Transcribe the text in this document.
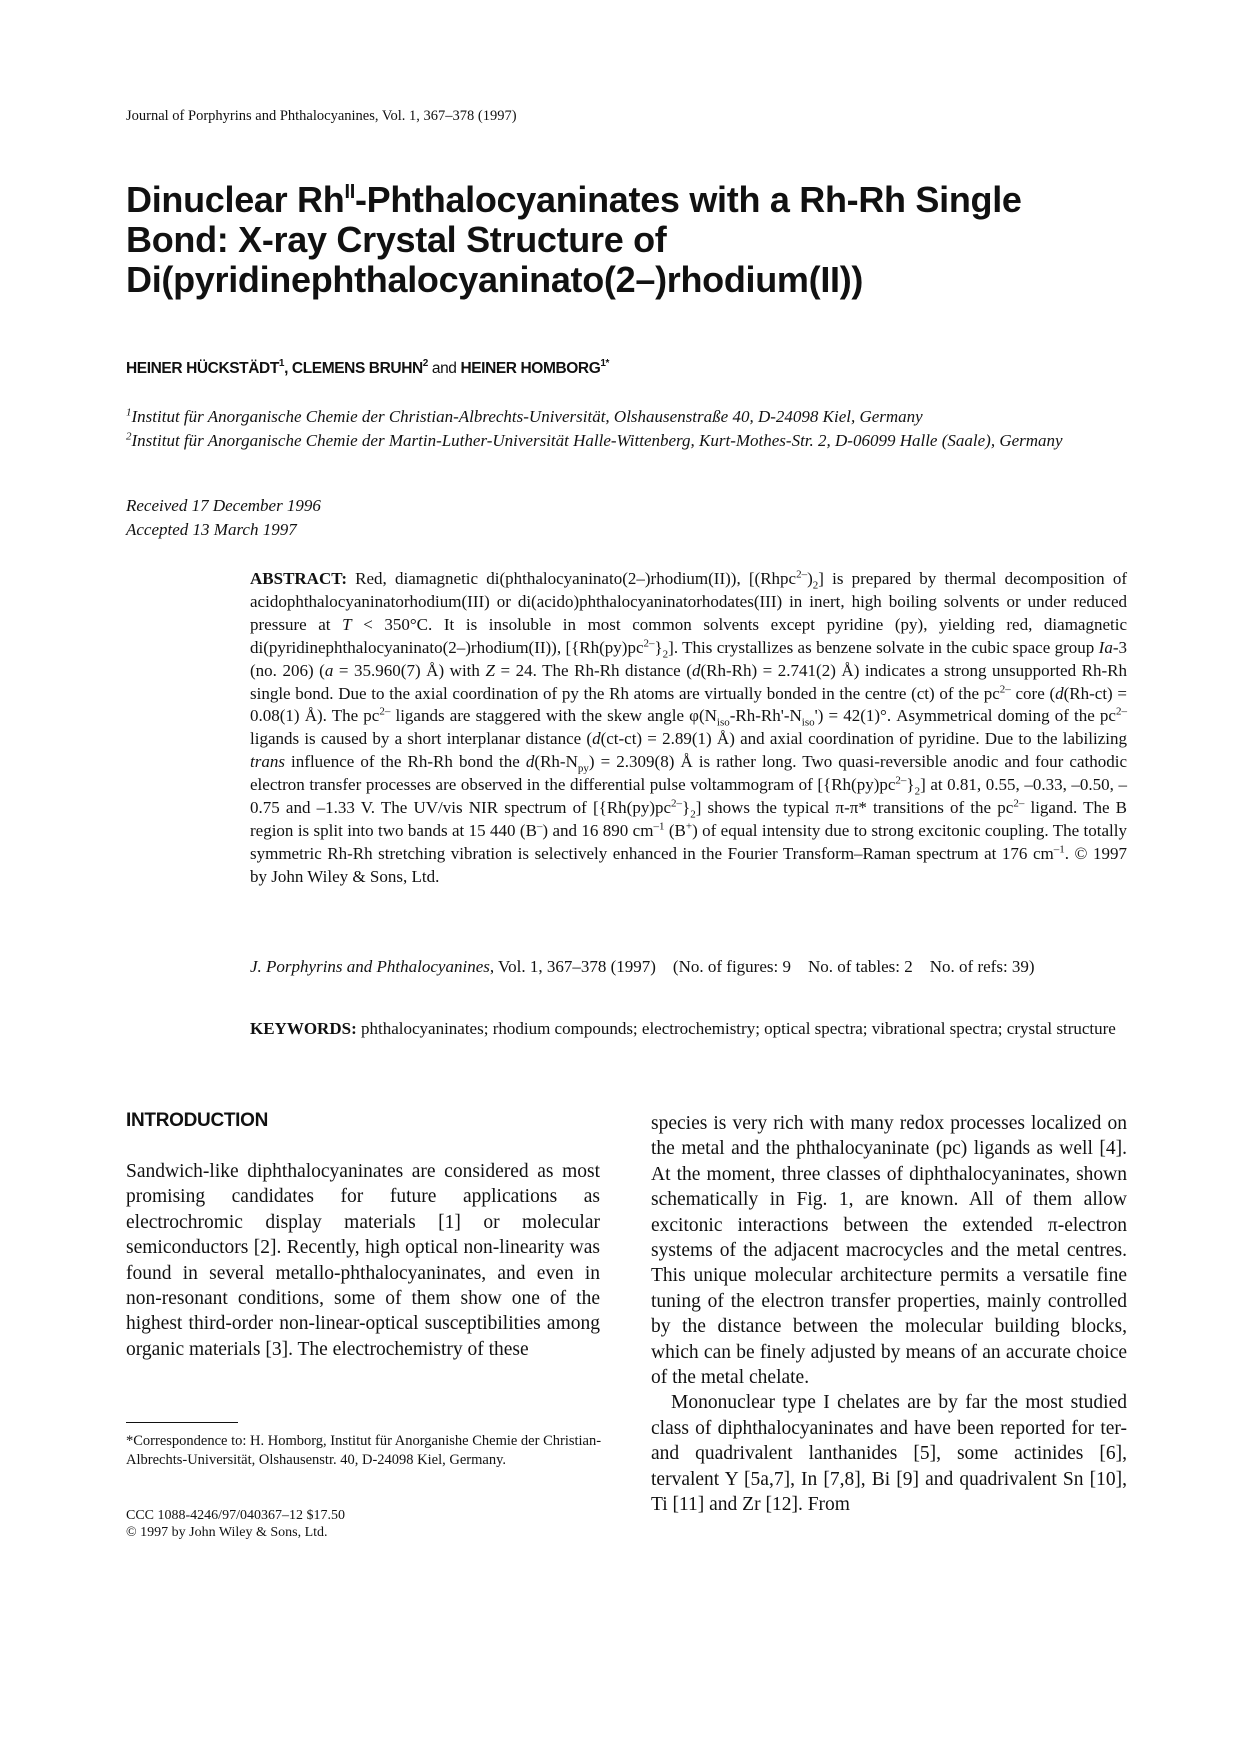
Journal of Porphyrins and Phthalocyanines, Vol. 1, 367–378 (1997)
Dinuclear $Rh^{II}$-Phthalocyaninates with a Rh-Rh Single
Bond: X-ray Crystal Structure of
Di(pyridinephthalocyaninato(2–)rhodium(II))
HEINER HÜCKSTÄDT$^1$, CLEMENS BRUHN$^2$ and HEINER $HOMBORG^{1*}$
$^1$Institut für Anorganische Chemie der Christian-Albrechts-Universität, Olshausenstraße 40, D-24098 Kiel, Germany
$^2$Institut für Anorganische Chemie der Martin-Luther-Universität Halle-Wittenberg, Kurt-Mothes-Str. 2, D-06099 Halle (Saale), Germany
Received 17 December 1996
Accepted 13 March 1997
ABSTRACT: Red, diamagnetic di(phthalocyaninato(2–)rhodium(II)), $[(Rhpc^{2-})_2]$ is prepared by thermal decomposition of acidophthalocyaninatorhodium(III) or di(acido)phthalocyaninatorhodates(III) in inert, high boiling solvents or under reduced pressure at T < 350°C. It is insoluble in most common solvents except pyridine (py), yielding red, diamagnetic di(pyridinephthalocyaninato(2–)rhodium(II)), $[\{Rh(py)pc^{2-}\}_2]$. This crystallizes as benzene solvate in the cubic space group Ia-3 (no. 206) (a = 35.960(7) Å) with Z = 24. The Rh-Rh distance (d(Rh-Rh) = 2.741(2) Å) indicates a strong unsupported Rh-Rh single bond. Due to the axial coordination of py the Rh atoms are virtually bonded in the centre (ct) of the $pc^{2-}$ core (d(Rh-ct) = 0.08(1) Å). The $pc^{2-}$ ligands are staggered with the skew angle $\varphi(N_{iso}-Rh-Rh'-N_{iso}') = 42(1)^\circ$. Asymmetrical doming of the $pc^{2-}$ ligands is caused by a short interplanar distance (d(ct-ct) = 2.89(1) Å) and axial coordination of pyridine. Due to the labilizing trans influence of the Rh-Rh bond the $d(Rh-N_{py}) = 2.309(8)$ Å is rather long. Two quasi-reversible anodic and four cathodic electron transfer processes are observed in the differential pulse voltammogram of $[\{Rh(py)pc^{2-}\}_2]$ at 0.81, 0.55, –0.33, –0.50, –0.75 and –1.33 V. The UV/vis NIR spectrum of $[\{Rh(py)pc^{2-}\}_2]$ shows the typical π-π* transitions of the $pc^{2-}$ ligand. The B region is split into two bands at 15 440 (B–) and 16 890 $cm^{-1}$ (B+) of equal intensity due to strong excitonic coupling. The totally symmetric Rh-Rh stretching vibration is selectively enhanced in the Fourier Transform–Raman spectrum at 176 $cm^{-1}$. © 1997 by John Wiley & Sons, Ltd.
J. Porphyrins and Phthalocyanines, Vol. 1, 367–378 (1997)    (No. of figures: 9    No. of tables: 2    No. of refs: 39)
KEYWORDS: phthalocyaninates; rhodium compounds; electrochemistry; optical spectra; vibrational spectra; crystal structure
INTRODUCTION
Sandwich-like diphthalocyaninates are considered as most promising candidates for future applications as electrochromic display materials [1] or molecular semiconductors [2]. Recently, high optical non-linearity was found in several metallo-phthalocyaninates, and even in non-resonant conditions, some of them show one of the highest third-order non-linear-optical susceptibilities among organic materials [3]. The electrochemistry of these

species is very rich with many redox processes localized on the metal and the phthalocyaninate (pc) ligands as well [4]. At the moment, three classes of diphthalocyaninates, shown schematically in Fig. 1, are known. All of them allow excitonic interactions between the extended π-electron systems of the adjacent macrocycles and the metal centres. This unique molecular architecture permits a versatile fine tuning of the electron transfer properties, mainly controlled by the distance between the molecular building blocks, which can be finely adjusted by means of an accurate choice of the metal chelate.

Mononuclear type I chelates are by far the most studied class of diphthalocyaninates and have been reported for ter- and quadrivalent lanthanides [5], some actinides [6], tervalent Y [5a,7], In [7,8], Bi [9] and quadrivalent Sn [10], Ti [11] and Zr [12]. From

*Correspondence to: H. Homborg, Institut für Anorganishe Chemie der Christian-Albrechts-Universität, Olshausenstr. 40, D-24098 Kiel, Germany.
CCC 1088-4246/97/040367–12 $17.50
© 1997 by John Wiley & Sons, Ltd.
